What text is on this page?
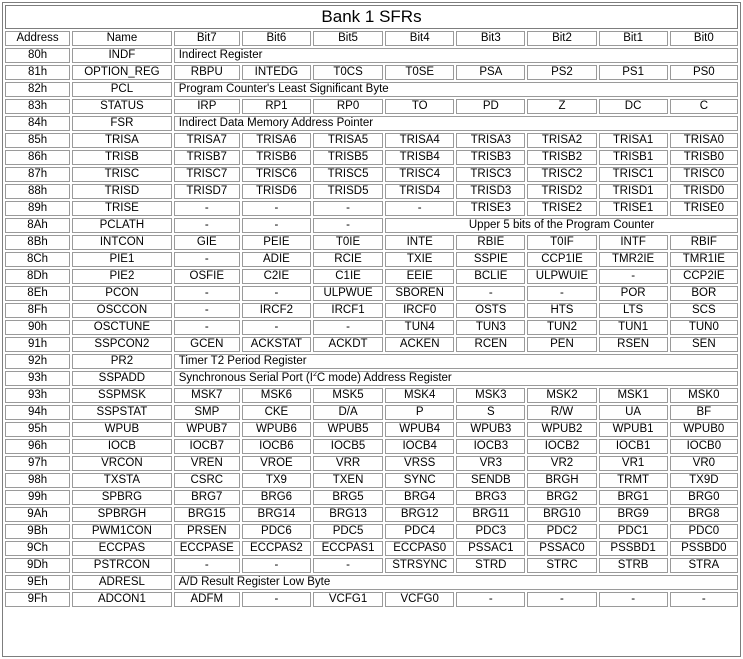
Bank 1 SFRs									
Address	Name	Bit7	Bit6	Bit5	Bit4	Bit3	Bit2	Bit1	Bit0
80h	INDF	Indirect Register							
81h	OPTION_REG	RBPU	INTEDG	T0CS	T0SE	PSA	PS2	PS1	PS0
82h	PCL	Program Counter's Least Significant Byte							
83h	STATUS	IRP	RP1	RP0	TO	PD	Z	DC	C
84h	FSR	Indirect Data Memory Address Pointer							
85h	TRISA	TRISA7	TRISA6	TRISA5	TRISA4	TRISA3	TRISA2	TRISA1	TRISA0
86h	TRISB	TRISB7	TRISB6	TRISB5	TRISB4	TRISB3	TRISB2	TRISB1	TRISB0
87h	TRISC	TRISC7	TRISC6	TRISC5	TRISC4	TRISC3	TRISC2	TRISC1	TRISC0
88h	TRISD	TRISD7	TRISD6	TRISD5	TRISD4	TRISD3	TRISD2	TRISD1	TRISD0
89h	TRISE	-	-	-	-	TRISE3	TRISE2	TRISE1	TRISE0
8Ah	PCLATH	-	-	-	Upper 5 bits of the Program Counter				
8Bh	INTCON	GIE	PEIE	T0IE	INTE	RBIE	T0IF	INTF	RBIF
8Ch	PIE1	-	ADIE	RCIE	TXIE	SSPIE	CCP1IE	TMR2IE	TMR1IE
8Dh	PIE2	OSFIE	C2IE	C1IE	EEIE	BCLIE	ULPWUIE	-	CCP2IE
8Eh	PCON	-	-	ULPWUE	SBOREN	-	-	POR	BOR
8Fh	OSCCON	-	IRCF2	IRCF1	IRCF0	OSTS	HTS	LTS	SCS
90h	OSCTUNE	-	-	-	TUN4	TUN3	TUN2	TUN1	TUN0
91h	SSPCON2	GCEN	ACKSTAT	ACKDT	ACKEN	RCEN	PEN	RSEN	SEN
92h	PR2	Timer T2 Period Register							
93h	SSPADD	Synchronous Serial Port ($I^2C$ mode) Address Register							
93h	SSPMSK	MSK7	MSK6	MSK5	MSK4	MSK3	MSK2	MSK1	MSK0
94h	SSPSTAT	SMP	CKE	D/A	P	S	R/W	UA	BF
95h	WPUB	WPUB7	WPUB6	WPUB5	WPUB4	WPUB3	WPUB2	WPUB1	WPUB0
96h	IOCB	IOCB7	IOCB6	IOCB5	IOCB4	IOCB3	IOCB2	IOCB1	IOCB0
97h	VRCON	VREN	VROE	VRR	VRSS	VR3	VR2	VR1	VR0
98h	TXSTA	CSRC	TX9	TXEN	SYNC	SENDB	BRGH	TRMT	TX9D
99h	SPBRG	BRG7	BRG6	BRG5	BRG4	BRG3	BRG2	BRG1	BRG0
9Ah	SPBRGH	BRG15	BRG14	BRG13	BRG12	BRG11	BRG10	BRG9	BRG8
9Bh	PWM1CON	PRSEN	PDC6	PDC5	PDC4	PDC3	PDC2	PDC1	PDC0
9Ch	ECCPAS	ECCPASE	ECCPAS2	ECCPAS1	ECCPAS0	PSSAC1	PSSAC0	PSSBD1	PSSBD0
9Dh	PSTRCON	-	-	-	STRSYNC	STRD	STRC	STRB	STRA
9Eh	ADRESL	A/D Result Register Low Byte							
9Fh	ADCON1	ADFM	-	VCFG1	VCFG0	-	-	-	-
